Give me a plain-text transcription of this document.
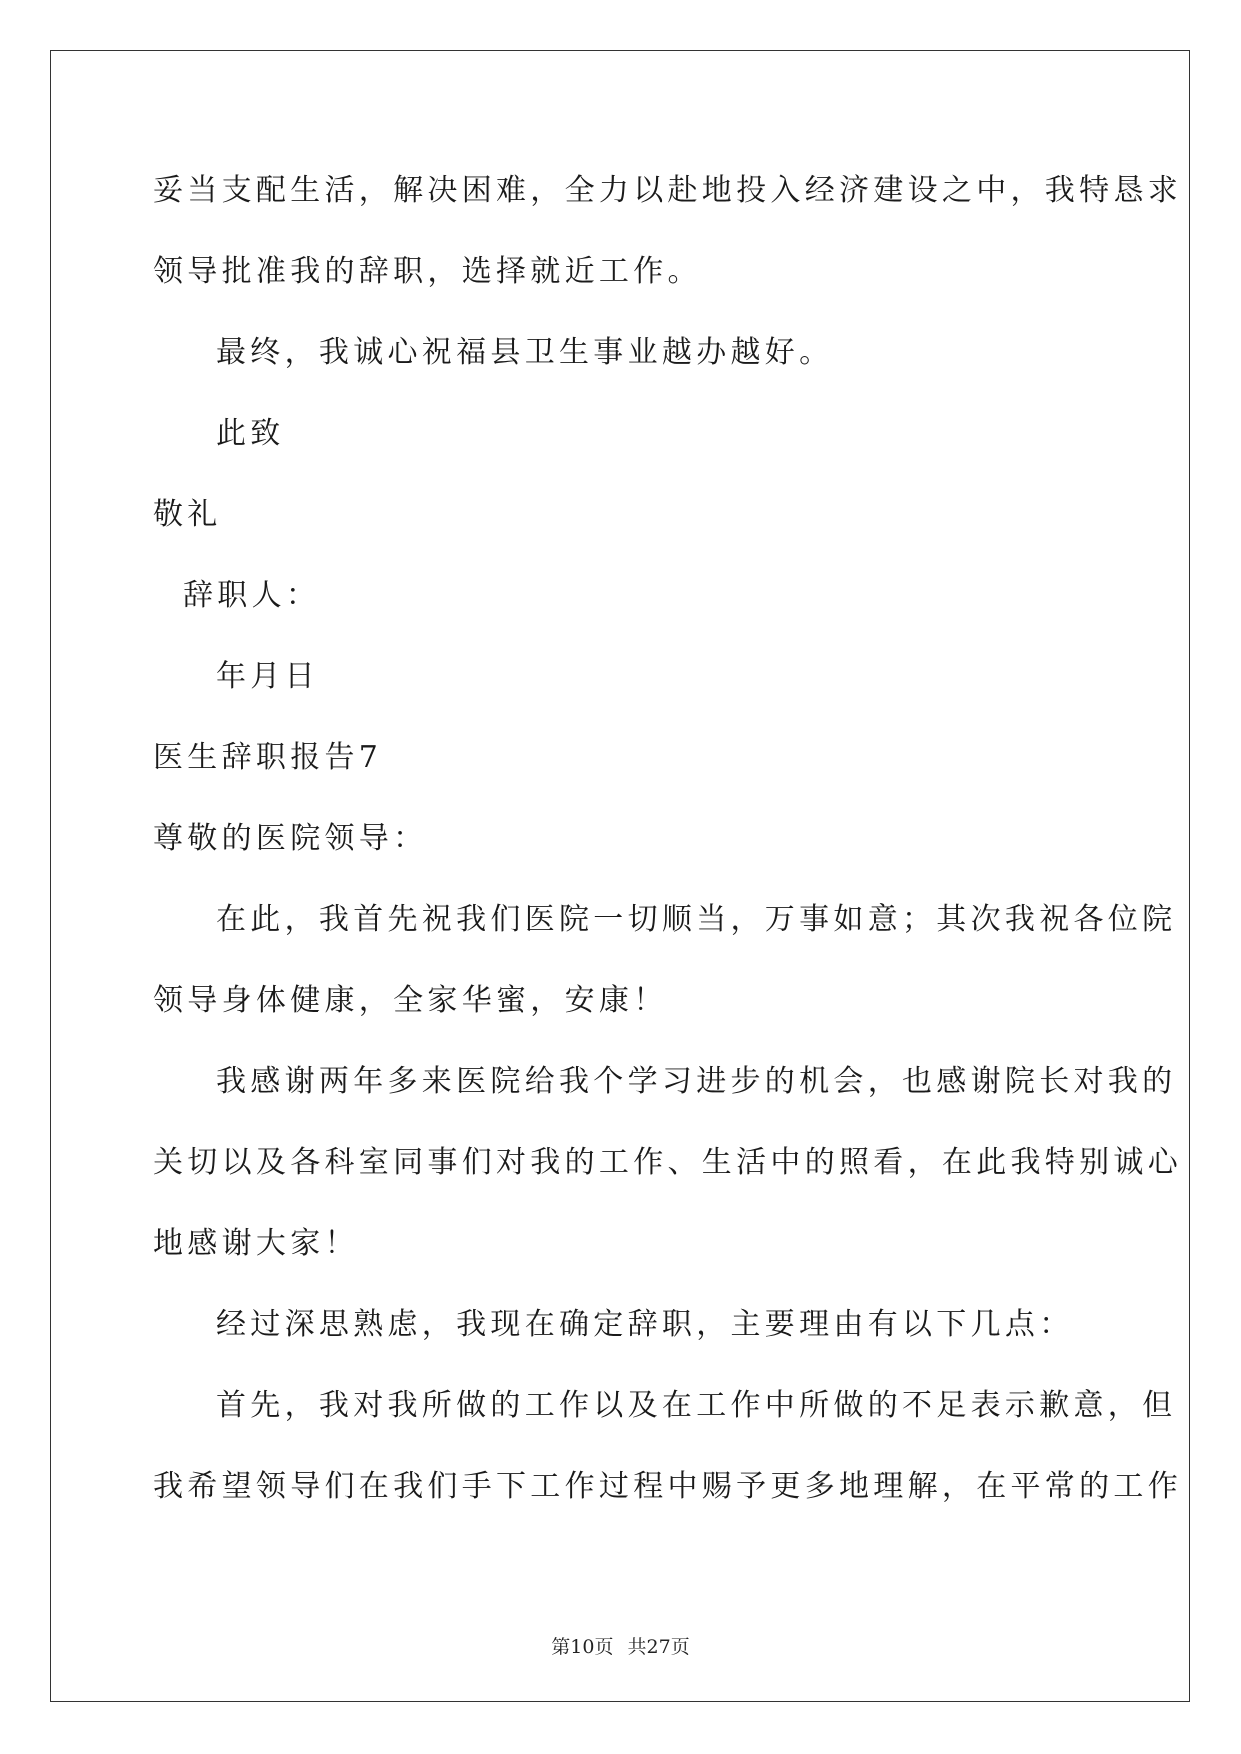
妥当支配生活，解决困难，全力以赴地投入经济建设之中，我特恳求
领导批准我的辞职，选择就近工作。
最终，我诚心祝福县卫生事业越办越好。
此致
敬礼
辞职人：
年月日
医生辞职报告7
尊敬的医院领导：
在此，我首先祝我们医院一切顺当，万事如意；其次我祝各位院
领导身体健康，全家华蜜，安康！
我感谢两年多来医院给我个学习进步的机会，也感谢院长对我的
关切以及各科室同事们对我的工作、生活中的照看，在此我特别诚心
地感谢大家！
经过深思熟虑，我现在确定辞职，主要理由有以下几点：
首先，我对我所做的工作以及在工作中所做的不足表示歉意，但
我希望领导们在我们手下工作过程中赐予更多地理解，在平常的工作
第10页 共27页
